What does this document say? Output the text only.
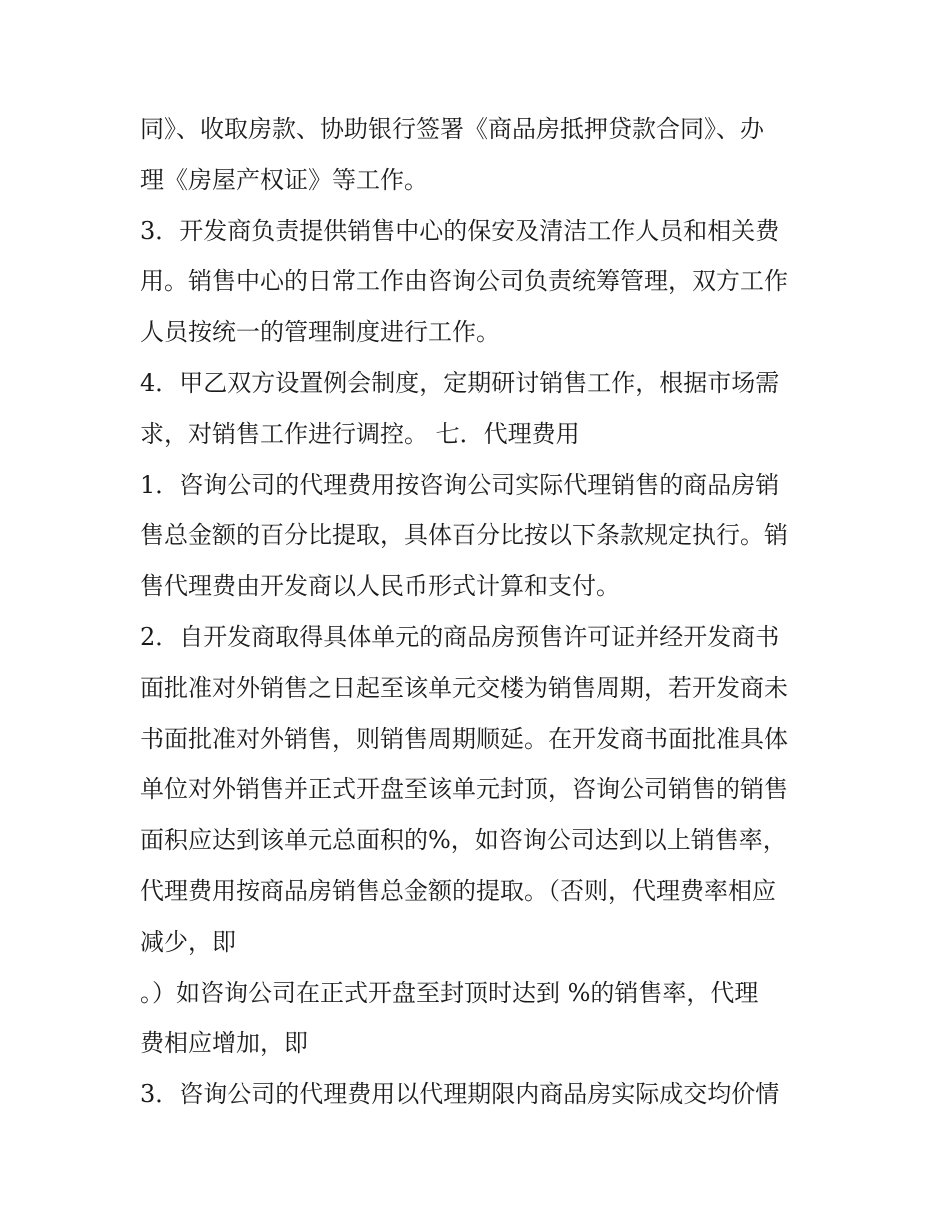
同》、收取房款、协助银行签署《商品房抵押贷款合同》、办
理《房屋产权证》等工作。
3．开发商负责提供销售中心的保安及清洁工作人员和相关费
用。销售中心的日常工作由咨询公司负责统筹管理，双方工作
人员按统一的管理制度进行工作。
4．甲乙双方设置例会制度，定期研讨销售工作，根据市场需
求，对销售工作进行调控。 七．代理费用
1．咨询公司的代理费用按咨询公司实际代理销售的商品房销
售总金额的百分比提取，具体百分比按以下条款规定执行。销
售代理费由开发商以人民币形式计算和支付。
2．自开发商取得具体单元的商品房预售许可证并经开发商书
面批准对外销售之日起至该单元交楼为销售周期，若开发商未
书面批准对外销售，则销售周期顺延。在开发商书面批准具体
单位对外销售并正式开盘至该单元封顶，咨询公司销售的销售
面积应达到该单元总面积的%，如咨询公司达到以上销售率，
代理费用按商品房销售总金额的提取。（否则，代理费率相应
减少，即
。）如咨询公司在正式开盘至封顶时达到 %的销售率，代理
费相应增加，即
3．咨询公司的代理费用以代理期限内商品房实际成交均价情
